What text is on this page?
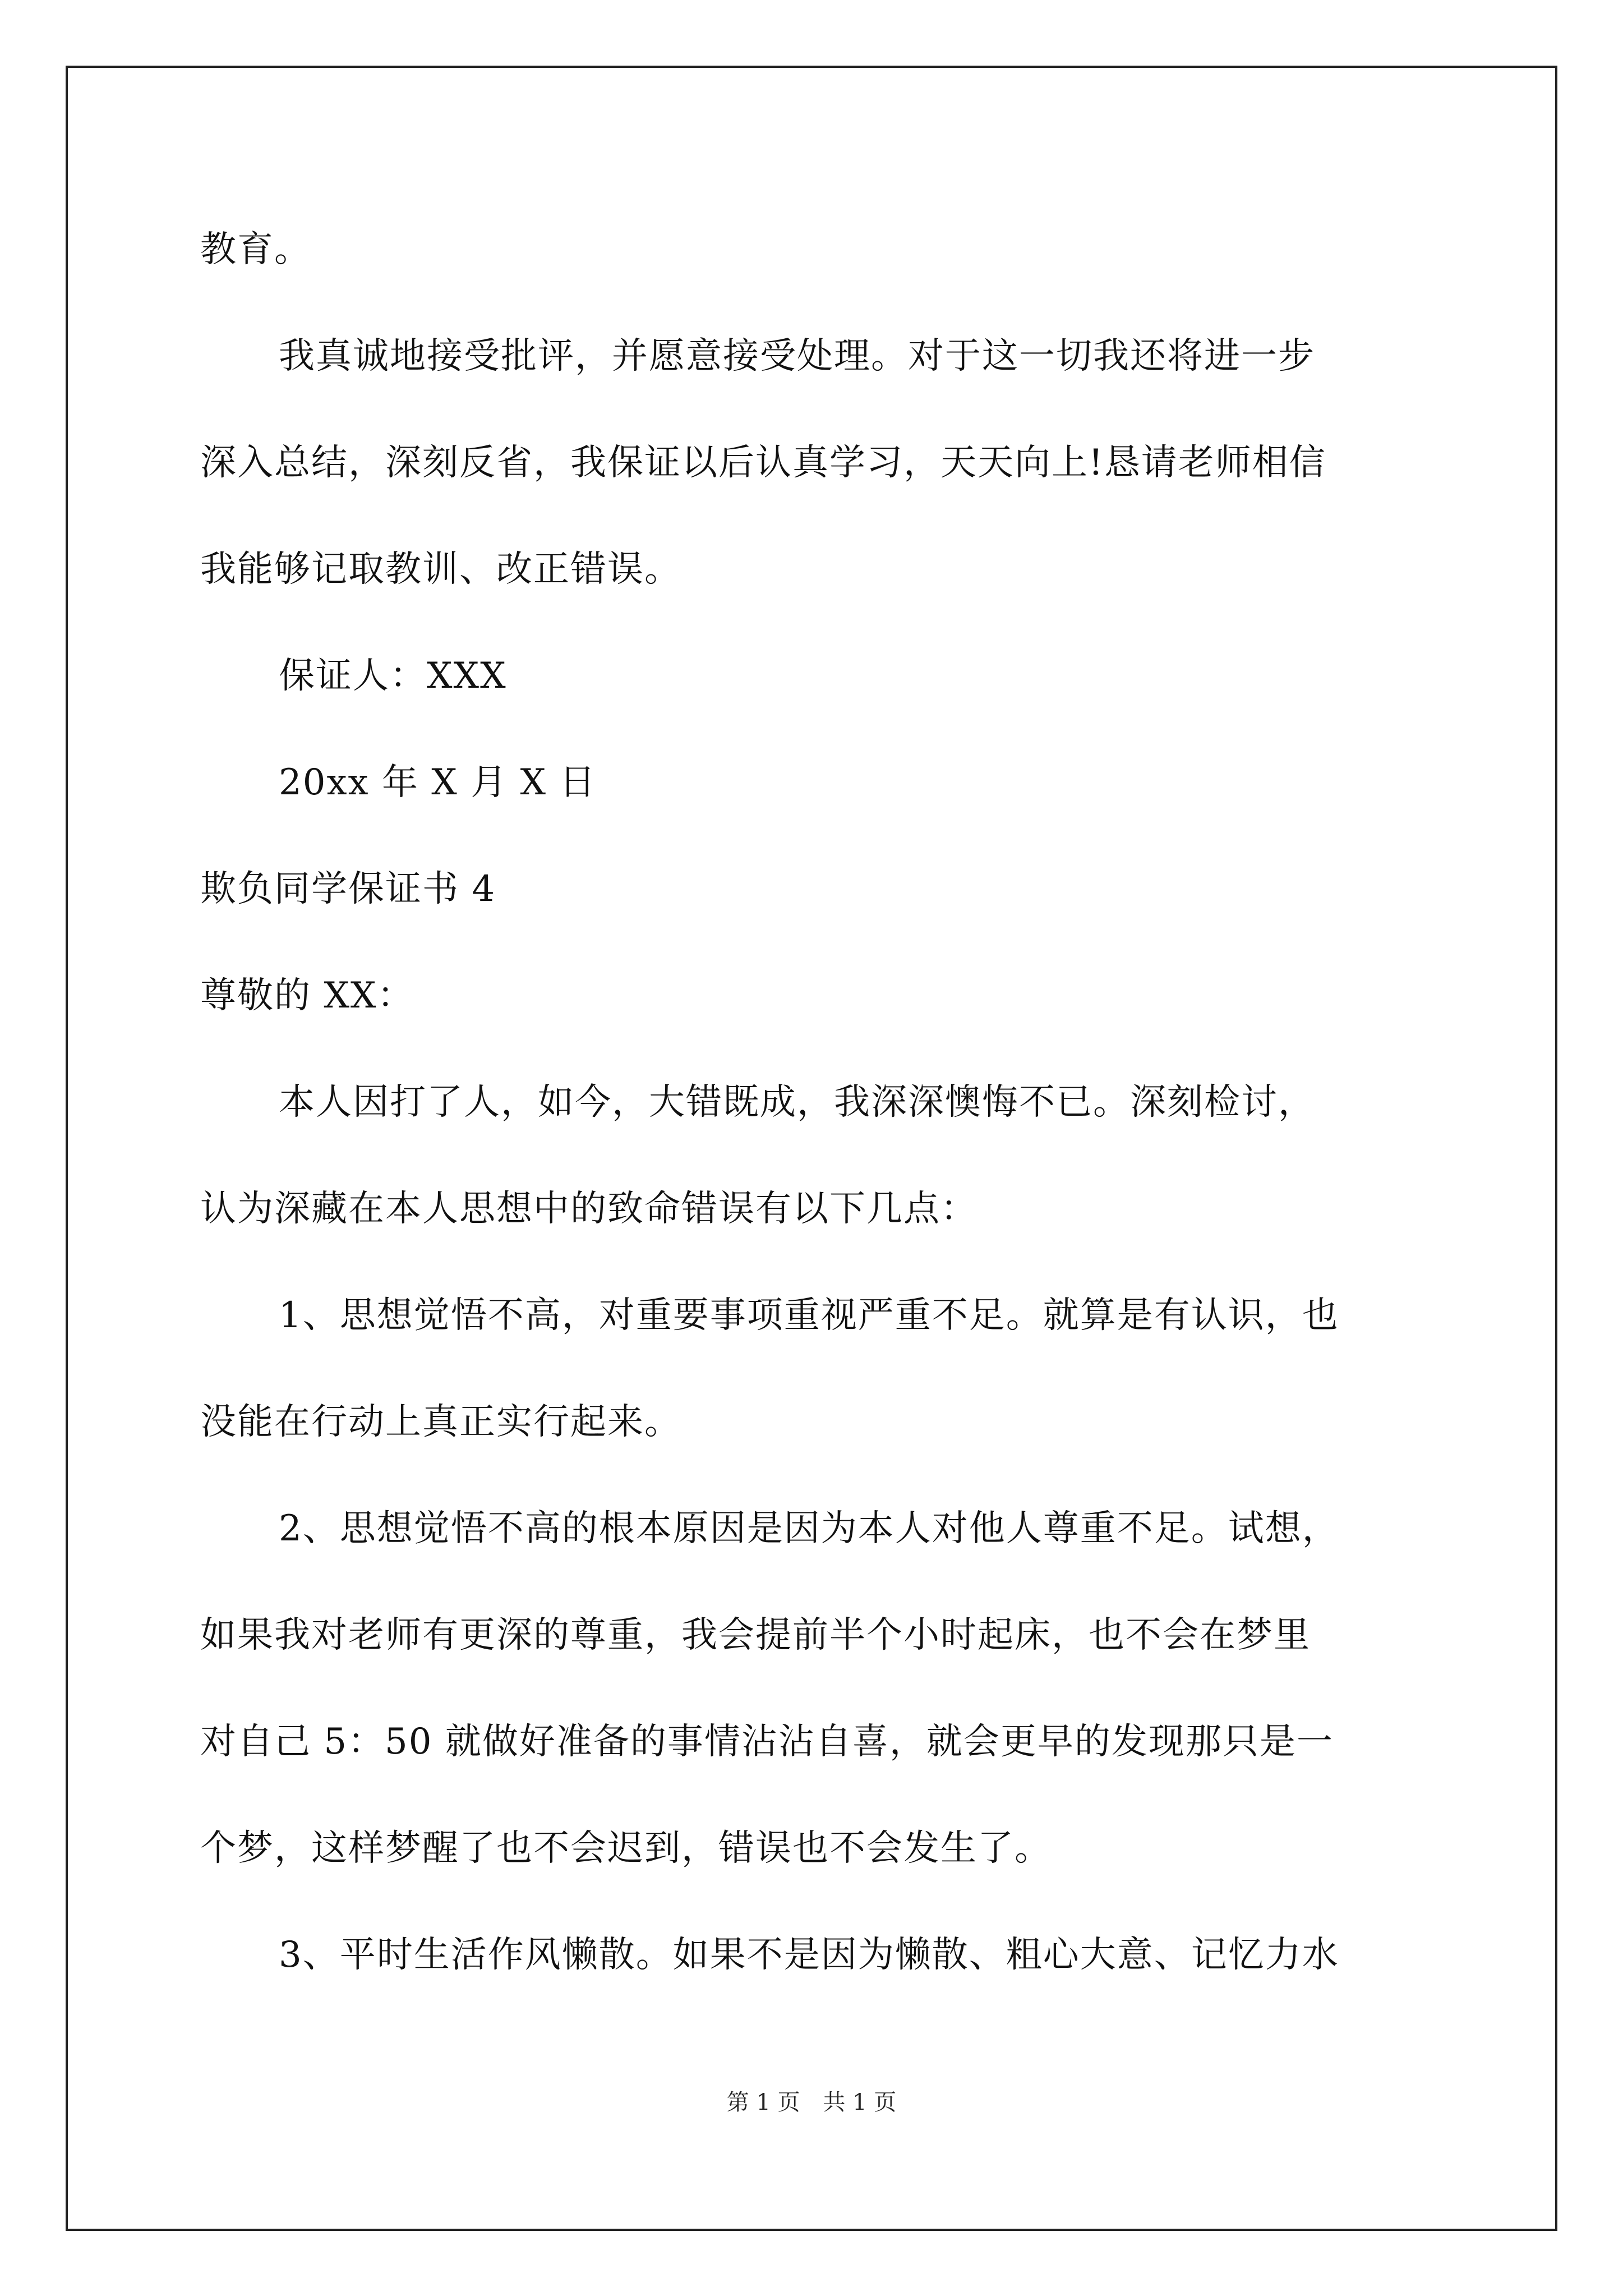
教育。
我真诚地接受批评，并愿意接受处理。对于这一切我还将进一步
深入总结，深刻反省，我保证以后认真学习，天天向上!恳请老师相信
我能够记取教训、改正错误。
保证人：XXX
20xx 年 X 月 X 日
欺负同学保证书 4
尊敬的 XX：
本人因打了人，如今，大错既成，我深深懊悔不已。深刻检讨，
认为深藏在本人思想中的致命错误有以下几点：
1、思想觉悟不高，对重要事项重视严重不足。就算是有认识，也
没能在行动上真正实行起来。
2、思想觉悟不高的根本原因是因为本人对他人尊重不足。试想，
如果我对老师有更深的尊重，我会提前半个小时起床，也不会在梦里
对自己 5：50 就做好准备的事情沾沾自喜，就会更早的发现那只是一
个梦，这样梦醒了也不会迟到，错误也不会发生了。
3、平时生活作风懒散。如果不是因为懒散、粗心大意、记忆力水
第 1 页 共 1 页
